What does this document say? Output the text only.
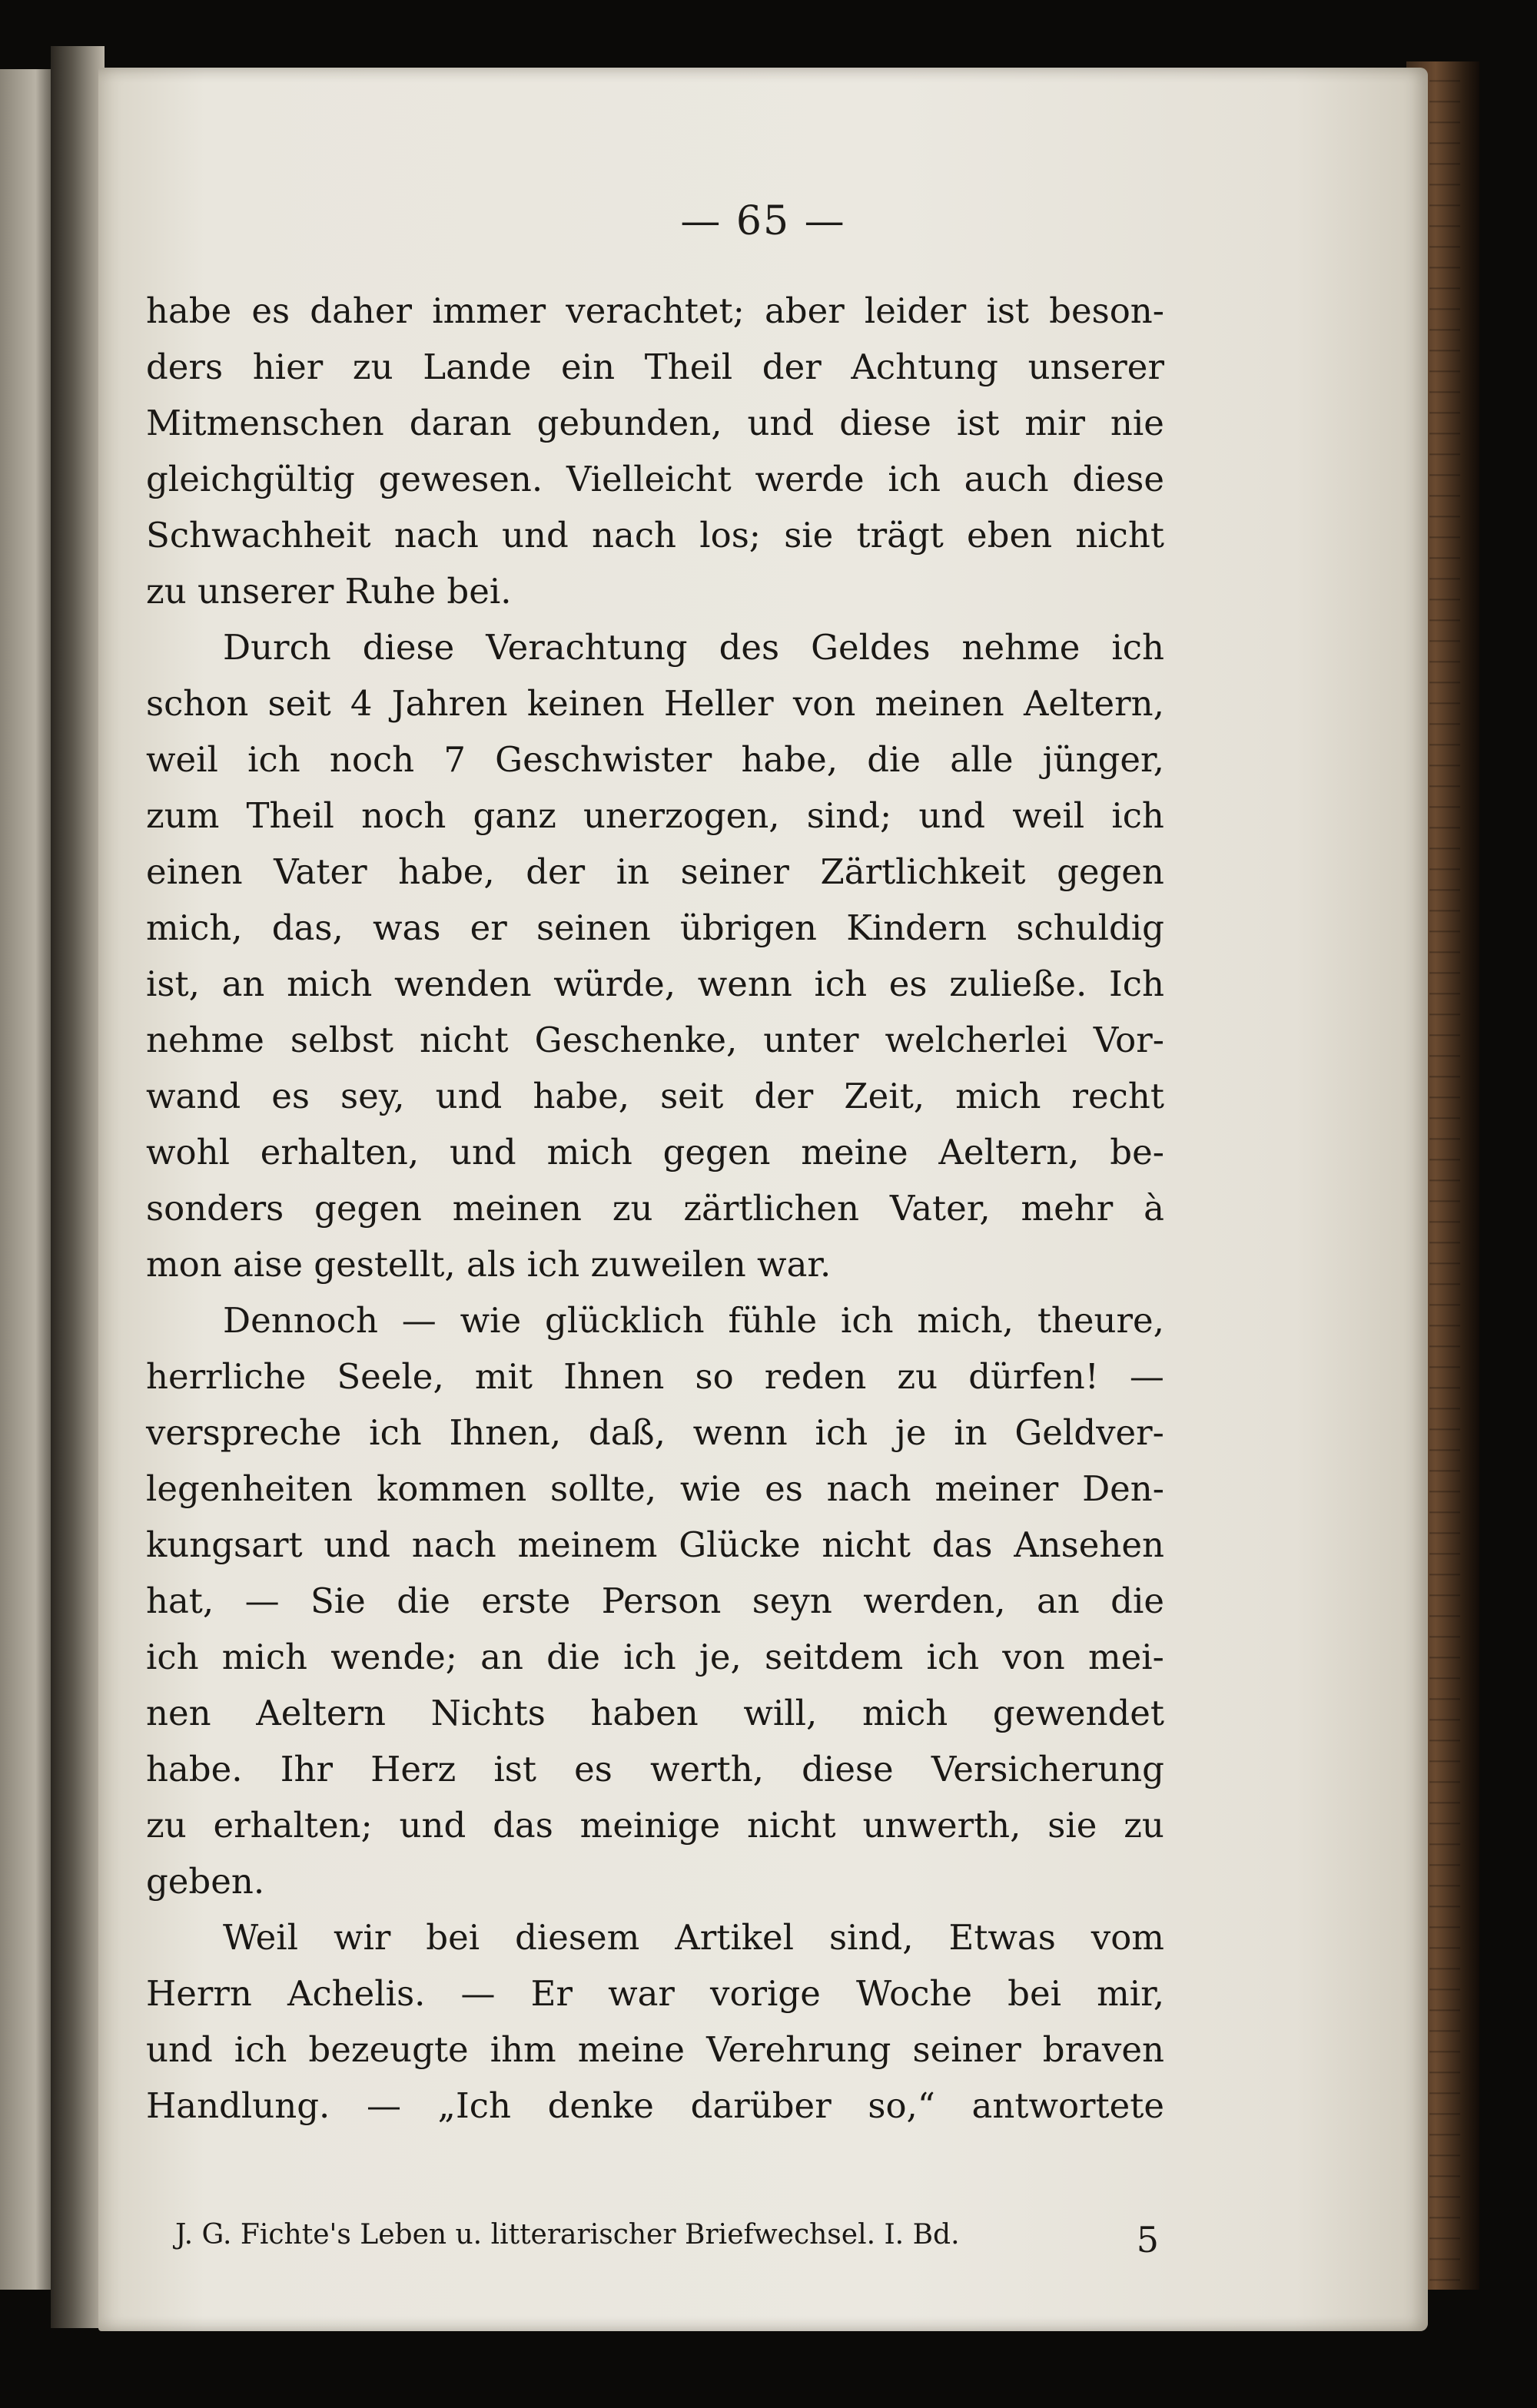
— 65 —
habe es daher immer verachtet; aber leider ist beson-
ders hier zu Lande ein Theil der Achtung unserer
Mitmenschen daran gebunden, und diese ist mir nie
gleichgültig gewesen. Vielleicht werde ich auch diese
Schwachheit nach und nach los; sie trägt eben nicht
zu unserer Ruhe bei.
Durch diese Verachtung des Geldes nehme ich
schon seit 4 Jahren keinen Heller von meinen Aeltern,
weil ich noch 7 Geschwister habe, die alle jünger,
zum Theil noch ganz unerzogen, sind; und weil ich
einen Vater habe, der in seiner Zärtlichkeit gegen
mich, das, was er seinen übrigen Kindern schuldig
ist, an mich wenden würde, wenn ich es zuließe. Ich
nehme selbst nicht Geschenke, unter welcherlei Vor-
wand es sey, und habe, seit der Zeit, mich recht
wohl erhalten, und mich gegen meine Aeltern, be-
sonders gegen meinen zu zärtlichen Vater, mehr à
mon aise gestellt, als ich zuweilen war.
Dennoch — wie glücklich fühle ich mich, theure,
herrliche Seele, mit Ihnen so reden zu dürfen! —
verspreche ich Ihnen, daß, wenn ich je in Geldver-
legenheiten kommen sollte, wie es nach meiner Den-
kungsart und nach meinem Glücke nicht das Ansehen
hat, — Sie die erste Person seyn werden, an die
ich mich wende; an die ich je, seitdem ich von mei-
nen Aeltern Nichts haben will, mich gewendet
habe. Ihr Herz ist es werth, diese Versicherung
zu erhalten; und das meinige nicht unwerth, sie zu
geben.
Weil wir bei diesem Artikel sind, Etwas vom
Herrn Achelis. — Er war vorige Woche bei mir,
und ich bezeugte ihm meine Verehrung seiner braven
Handlung. — „Ich denke darüber so,“ antwortete
J. G. Fichte's Leben u. litterarischer Briefwechsel. I. Bd.	5
